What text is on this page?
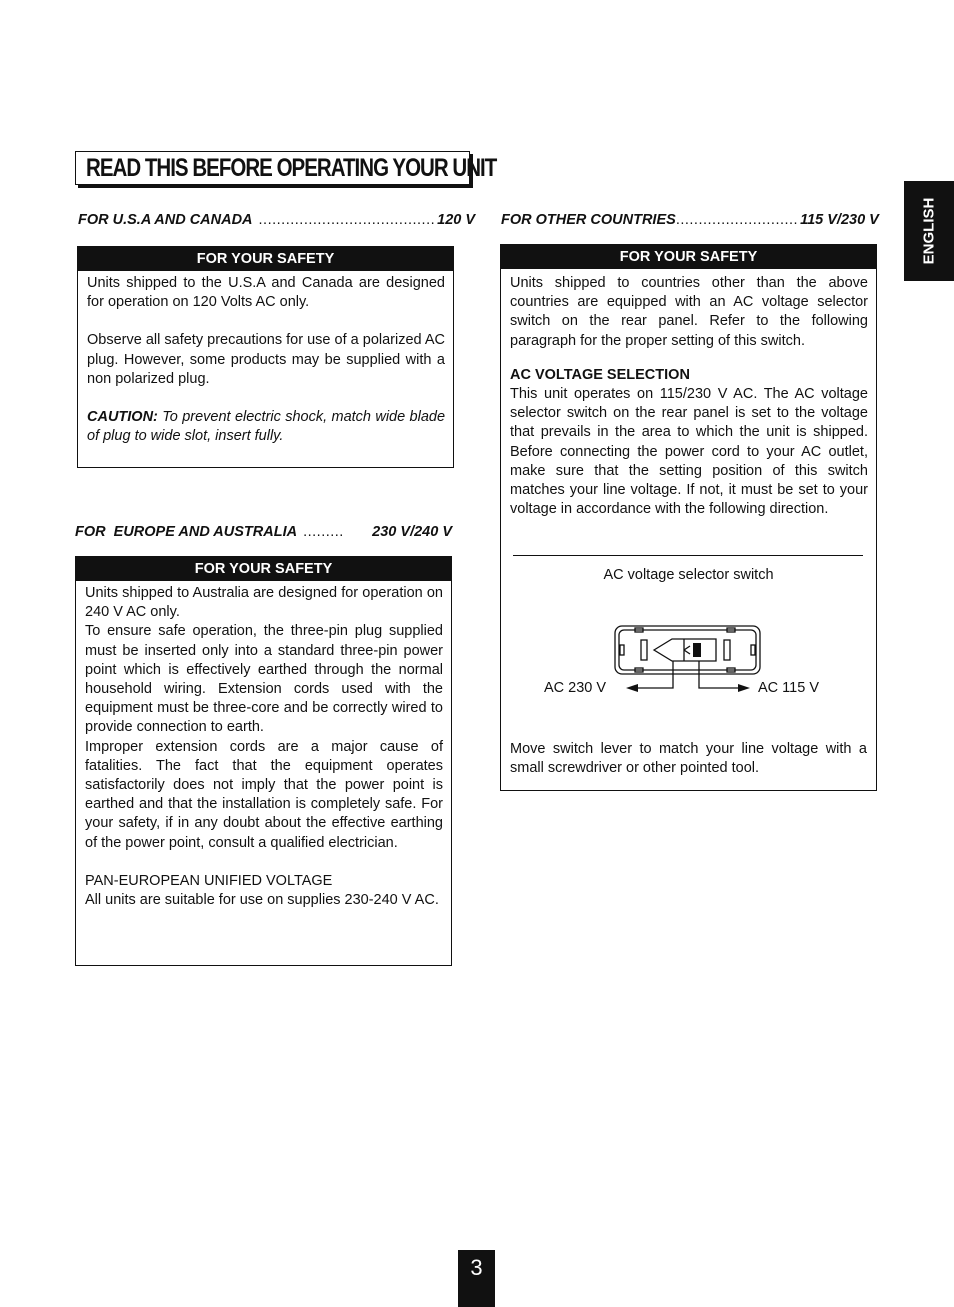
READ THIS BEFORE OPERATING YOUR UNIT
ENGLISH
FOR U.S.A AND CANADA ....................................... 120 V
FOR YOUR SAFETY

Units shipped to the U.S.A and Canada are designed for operation on 120 Volts AC only.

Observe all safety precautions for use of a polarized AC plug. However, some products may be supplied with a non polarized plug.

CAUTION: To prevent electric shock, match wide blade of plug to wide slot, insert fully.

FOR  EUROPE AND AUSTRALIA .........	230 V/240 V
FOR YOUR SAFETY

Units shipped to Australia are designed for operation on 240 V AC only.

To ensure safe operation, the three-pin plug supplied must be inserted only into a standard three-pin power point which is effectively earthed through the normal household wiring. Extension cords used with the equipment must be three-core and be correctly wired to provide connection to earth.

Improper extension cords are a major cause of fatalities. The fact that the equipment operates satisfactorily does not imply that the power point is earthed and that the installation is completely safe. For your safety, if in any doubt about the effective earthing of the power point, consult a qualified electrician.

PAN-EUROPEAN UNIFIED VOLTAGE

All units are suitable for use on supplies 230-240 V AC.

FOR OTHER COUNTRIES ........................... 115 V/230 V
FOR YOUR SAFETY

Units shipped to countries other than the above countries are equipped with an AC voltage selector switch on the rear panel. Refer to the following paragraph for the proper setting of this switch.

AC VOLTAGE SELECTION

This unit operates on 115/230 V AC. The AC voltage selector switch on the rear panel is set to the voltage that prevails in the area to which the unit is shipped. Before connecting the power cord to your AC outlet, make sure that the setting position of this switch matches your line voltage. If not, it must be set to your voltage in accordance with the following direction.

AC voltage selector switch
AC 230 V	AC 115 V
Move switch lever to match your line voltage with a small screwdriver or other pointed tool.
3
